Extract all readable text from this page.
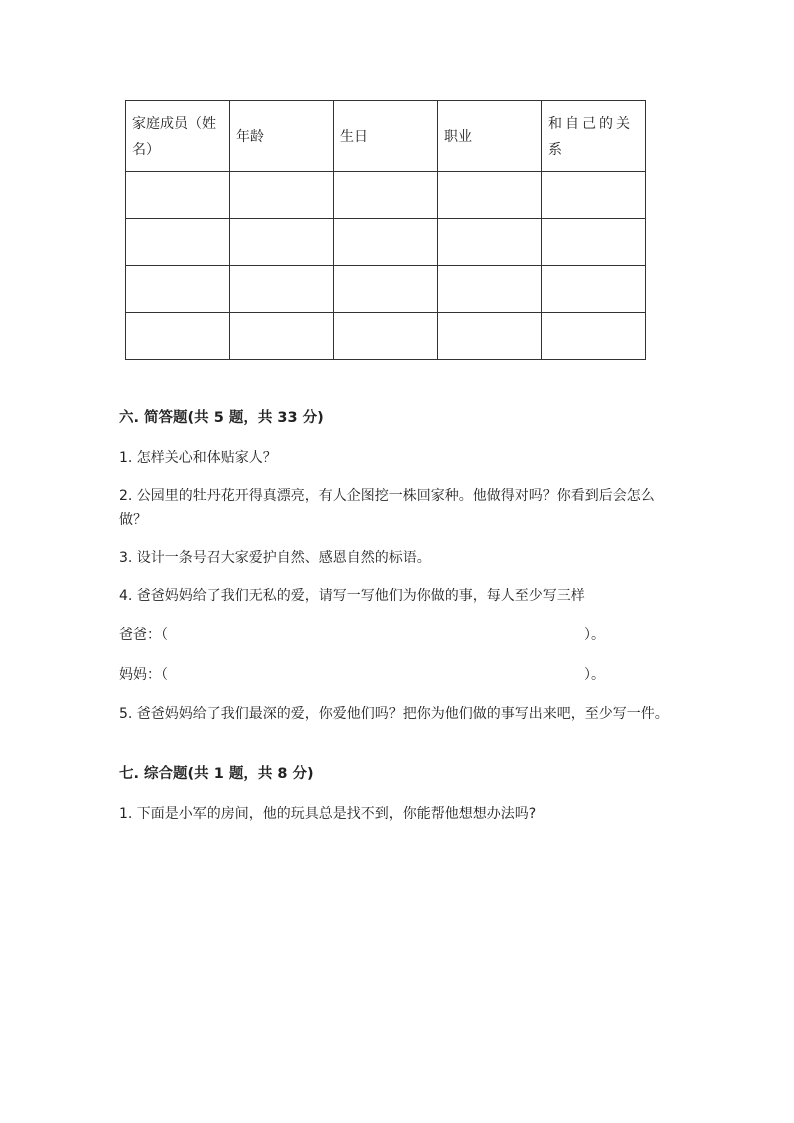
家庭成员（姓名）	年龄	生日	职业	和自己的关系

六. 简答题(共 5 题，共 33 分)
1. 怎样关心和体贴家人？
2. 公园里的牡丹花开得真漂亮，有人企图挖一株回家种。他做得对吗？你看到后会怎么做？
3. 设计一条号召大家爱护自然、感恩自然的标语。
4. 爸爸妈妈给了我们无私的爱，请写一写他们为你做的事，每人至少写三样
爸爸：（	）。
妈妈：（	）。
5. 爸爸妈妈给了我们最深的爱，你爱他们吗？把你为他们做的事写出来吧，至少写一件。
七. 综合题(共 1 题，共 8 分)
1. 下面是小军的房间，他的玩具总是找不到，你能帮他想想办法吗?
